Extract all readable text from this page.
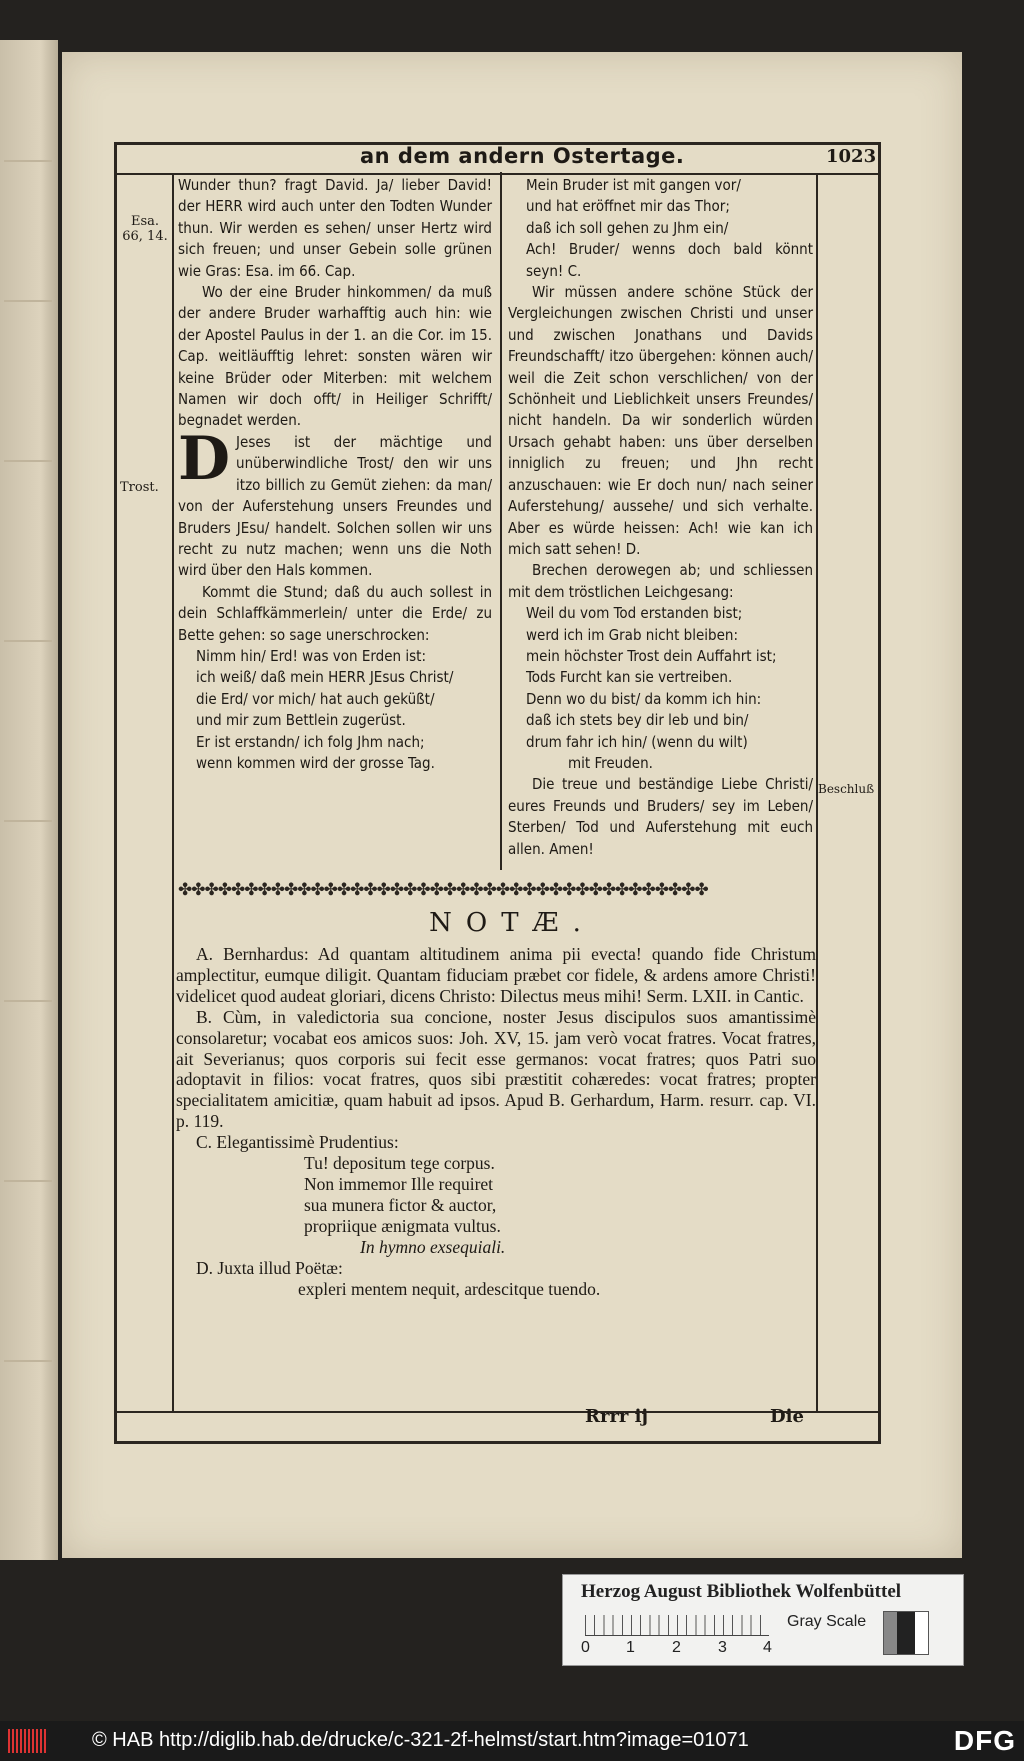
an dem andern Ostertage.	1023
Esa. 66, 14.
Trost.
Beschluß

Wunder thun? fragt David. Ja/ lieber David! der HERR wird auch unter den Todten Wunder thun. Wir werden es sehen/ unser Hertz wird sich freuen; und unser Gebein solle grünen wie Gras: Esa. im 66. Cap.

Wo der eine Bruder hinkommen/ da muß der andere Bruder warhafftig auch hin: wie der Apostel Paulus in der 1. an die Cor. im 15. Cap. weitläufftig lehret: sonsten wären wir keine Brüder oder Miterben: mit welchem Namen wir doch offt/ in Heiliger Schrifft/ begnadet werden.

D Jeses ist der mächtige und unüberwindliche Trost/ den wir uns itzo billich zu Gemüt ziehen: da man/ von der Auferstehung unsers Freundes und Bruders JEsu/ handelt. Solchen sollen wir uns recht zu nutz machen; wenn uns die Noth wird über den Hals kommen.

Kommt die Stund; daß du auch sollest in dein Schlaffkämmerlein/ unter die Erde/ zu Bette gehen: so sage unerschrocken:

Nimm hin/ Erd! was von Erden ist:

ich weiß/ daß mein HERR JEsus Christ/

die Erd/ vor mich/ hat auch geküßt/

und mir zum Bettlein zugerüst.

Er ist erstandn/ ich folg Jhm nach;

wenn kommen wird der grosse Tag.

Mein Bruder ist mit gangen vor/

und hat eröffnet mir das Thor;

daß ich soll gehen zu Jhm ein/

Ach! Bruder/ wenns doch bald könnt seyn! C.

Wir müssen andere schöne Stück der Vergleichungen zwischen Christi und unser und zwischen Jonathans und Davids Freundschafft/ itzo übergehen: können auch/ weil die Zeit schon verschlichen/ von der Schönheit und Lieblichkeit unsers Freundes/ nicht handeln. Da wir sonderlich würden Ursach gehabt haben: uns über derselben inniglich zu freuen; und Jhn recht anzuschauen: wie Er doch nun/ nach seiner Auferstehung/ aussehe/ und sich verhalte. Aber es würde heissen: Ach! wie kan ich mich satt sehen! D.

Brechen derowegen ab; und schliessen mit dem tröstlichen Leichgesang:

Weil du vom Tod erstanden bist;

werd ich im Grab nicht bleiben:

mein höchster Trost dein Auffahrt ist;

Tods Furcht kan sie vertreiben.

Denn wo du bist/ da komm ich hin:

daß ich stets bey dir leb und bin/

drum fahr ich hin/ (wenn du wilt)

mit Freuden.

Die treue und beständige Liebe Christi/ eures Freunds und Bruders/ sey im Leben/ Sterben/ Tod und Auferstehung mit euch allen. Amen!

✤✤✤✤✤✤✤✤✤✤✤✤✤✤✤✤✤✤✤✤✤✤✤✤✤✤✤✤✤✤✤✤✤✤✤✤✤✤✤✤
NOTÆ.

A. Bernhardus: Ad quantam altitudinem anima pii evecta! quando fide Christum amplectitur, eumque diligit. Quantam fiduciam præbet cor fidele, & ardens amore Christi! videlicet quod audeat gloriari, dicens Christo: Dilectus meus mihi! Serm. LXII. in Cantic.

B. Cùm, in valedictoria sua concione, noster Jesus discipulos suos amantissimè consolaretur; vocabat eos amicos suos: Joh. XV, 15. jam verò vocat fratres. Vocat fratres, ait Severianus; quos corporis sui fecit esse germanos: vocat fratres; quos Patri suo adoptavit in filios: vocat fratres, quos sibi præstitit cohæredes: vocat fratres; propter specialitatem amicitiæ, quam habuit ad ipsos. Apud B. Gerhardum, Harm. resurr. cap. VI. p. 119.

C. Elegantissimè Prudentius:

Tu! depositum tege corpus.

Non immemor Ille requiret

sua munera fictor & auctor,

propriique ænigmata vultus.

In hymno exsequiali.

D. Juxta illud Poëtæ:

expleri mentem nequit, ardescitque tuendo.

Rrrr ij	Die
Herzog August Bibliothek Wolfenbüttel
0 1 2 3 4
Gray Scale
© HAB http://diglib.hab.de/drucke/c-321-2f-helmst/start.htm?image=01071	DFG
